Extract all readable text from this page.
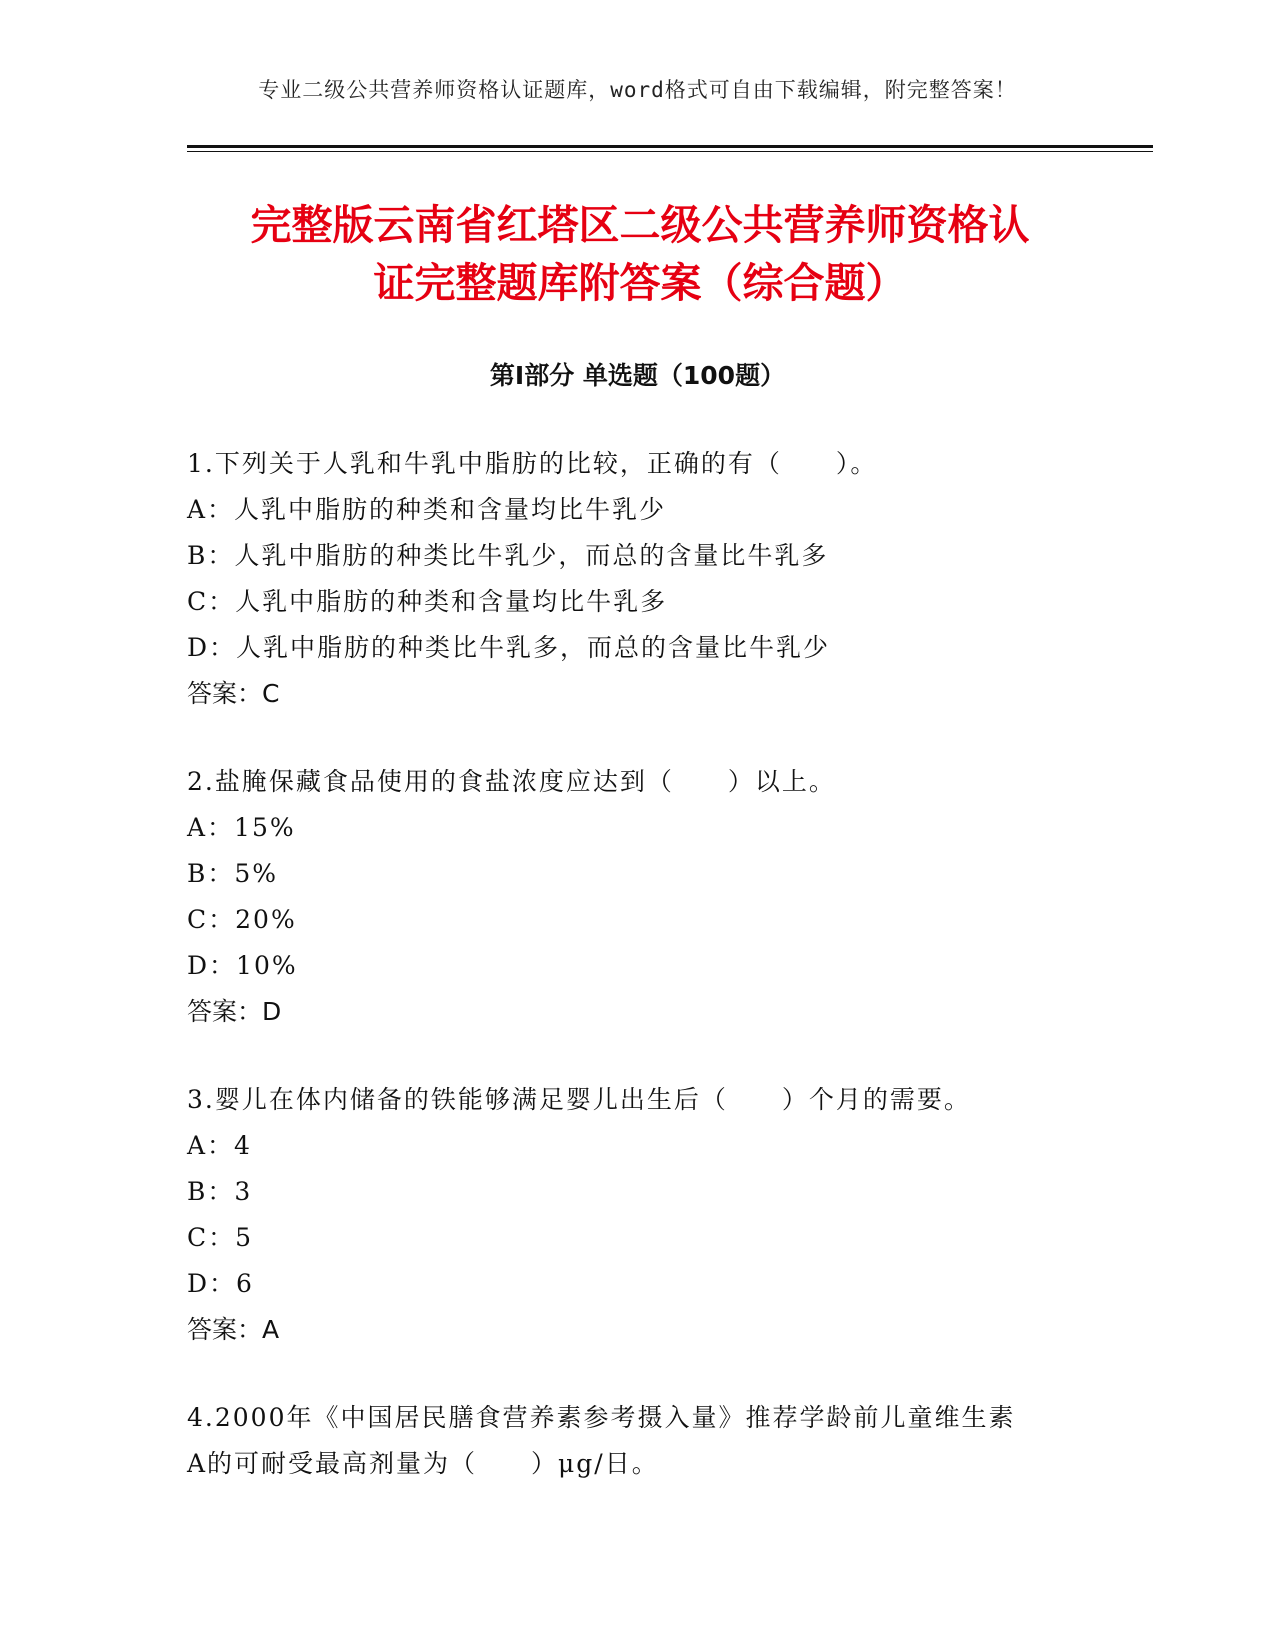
专业二级公共营养师资格认证题库，word格式可自由下载编辑，附完整答案！
完整版云南省红塔区二级公共营养师资格认
证完整题库附答案（综合题）
第Ⅰ部分 单选题（100题）
1.下列关于人乳和牛乳中脂肪的比较，正确的有（　　）。
A：人乳中脂肪的种类和含量均比牛乳少
B：人乳中脂肪的种类比牛乳少，而总的含量比牛乳多
C：人乳中脂肪的种类和含量均比牛乳多
D：人乳中脂肪的种类比牛乳多，而总的含量比牛乳少
答案：C
2.盐腌保藏食品使用的食盐浓度应达到（　　）以上。
A：15%
B：5%
C：20%
D：10%
答案：D
3.婴儿在体内储备的铁能够满足婴儿出生后（　　）个月的需要。
A：4
B：3
C：5
D：6
答案：A
4.2000年《中国居民膳食营养素参考摄入量》推荐学龄前儿童维生素
A的可耐受最高剂量为（　　）μg/日。
